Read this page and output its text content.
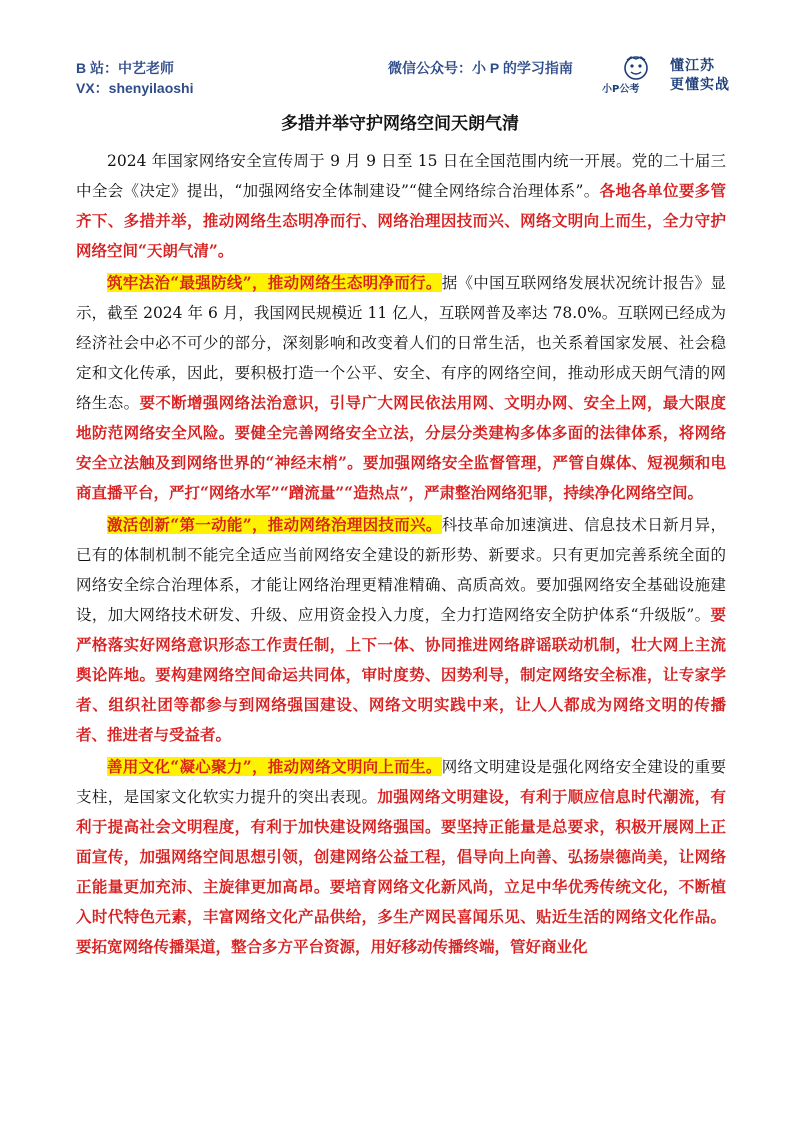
B 站：中艺老师
VX：shenyilaoshi
微信公众号：小 P 的学习指南
小P公考
懂江苏
更懂实战
多措并举守护网络空间天朗气清

2024 年国家网络安全宣传周于 9 月 9 日至 15 日在全国范围内统一开展。党的二十届三中全会《决定》提出，“加强网络安全体制建设”“健全网络综合治理体系”。各地各单位要多管齐下、多措并举，推动网络生态明净而行、网络治理因技而兴、网络文明向上而生，全力守护网络空间“天朗气清”。

筑牢法治“最强防线”，推动网络生态明净而行。据《中国互联网络发展状况统计报告》显示，截至 2024 年 6 月，我国网民规模近 11 亿人，互联网普及率达 78.0%。互联网已经成为经济社会中必不可少的部分，深刻影响和改变着人们的日常生活，也关系着国家发展、社会稳定和文化传承，因此，要积极打造一个公平、安全、有序的网络空间，推动形成天朗气清的网络生态。要不断增强网络法治意识，引导广大网民依法用网、文明办网、安全上网，最大限度地防范网络安全风险。要健全完善网络安全立法，分层分类建构多体多面的法律体系，将网络安全立法触及到网络世界的“神经末梢”。要加强网络安全监督管理，严管自媒体、短视频和电商直播平台，严打“网络水军”“蹭流量”“造热点”，严肃整治网络犯罪，持续净化网络空间。

激活创新“第一动能”，推动网络治理因技而兴。科技革命加速演进、信息技术日新月异，已有的体制机制不能完全适应当前网络安全建设的新形势、新要求。只有更加完善系统全面的网络安全综合治理体系，才能让网络治理更精准精确、高质高效。要加强网络安全基础设施建设，加大网络技术研发、升级、应用资金投入力度，全力打造网络安全防护体系“升级版”。要严格落实好网络意识形态工作责任制，上下一体、协同推进网络辟谣联动机制，壮大网上主流舆论阵地。要构建网络空间命运共同体，审时度势、因势利导，制定网络安全标准，让专家学者、组织社团等都参与到网络强国建设、网络文明实践中来，让人人都成为网络文明的传播者、推进者与受益者。

善用文化“凝心聚力”，推动网络文明向上而生。网络文明建设是强化网络安全建设的重要支柱，是国家文化软实力提升的突出表现。加强网络文明建设，有利于顺应信息时代潮流，有利于提高社会文明程度，有利于加快建设网络强国。要坚持正能量是总要求，积极开展网上正面宣传，加强网络空间思想引领，创建网络公益工程，倡导向上向善、弘扬崇德尚美，让网络正能量更加充沛、主旋律更加高昂。要培育网络文化新风尚，立足中华优秀传统文化，不断植入时代特色元素，丰富网络文化产品供给，多生产网民喜闻乐见、贴近生活的网络文化作品。要拓宽网络传播渠道，整合多方平台资源，用好移动传播终端，管好商业化
